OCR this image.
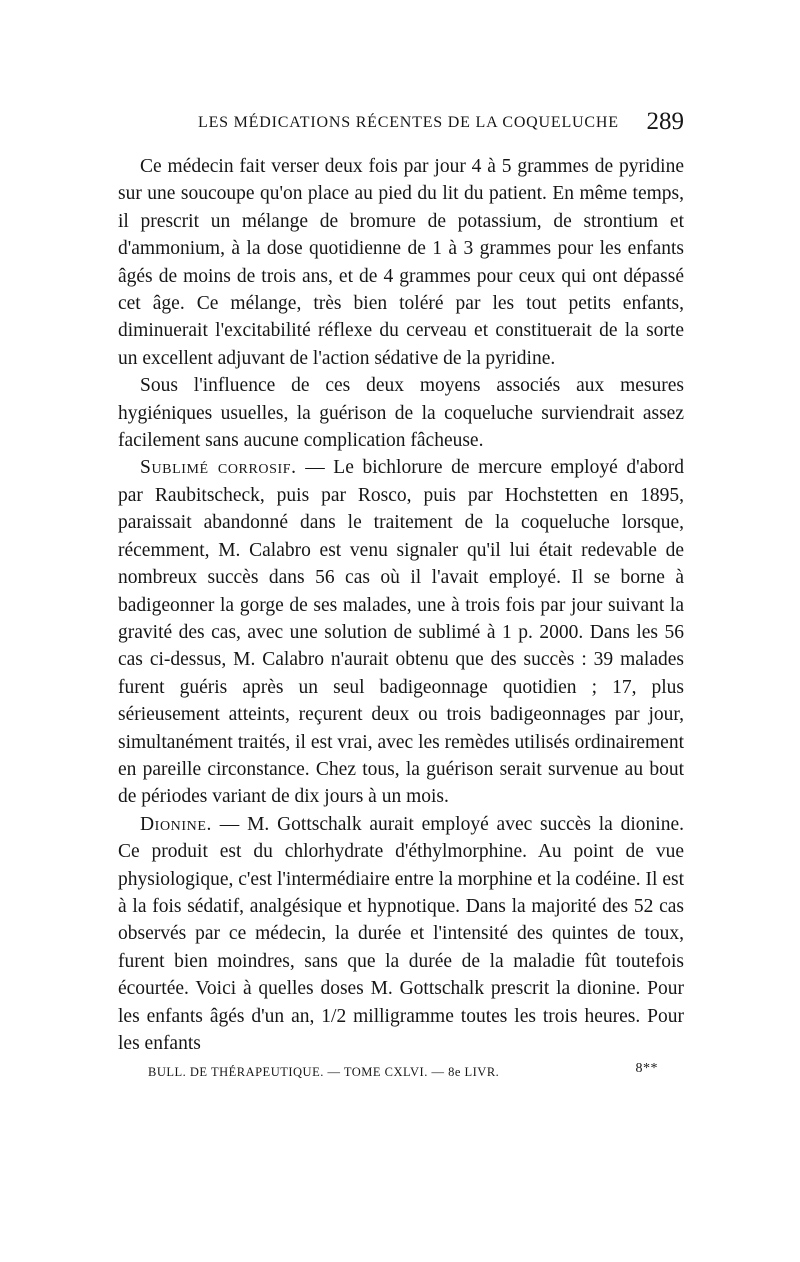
LES MÉDICATIONS RÉCENTES DE LA COQUELUCHE 289

Ce médecin fait verser deux fois par jour 4 à 5 grammes de pyridine sur une soucoupe qu'on place au pied du lit du patient. En même temps, il prescrit un mélange de bromure de potassium, de strontium et d'ammonium, à la dose quotidienne de 1 à 3 grammes pour les enfants âgés de moins de trois ans, et de 4 grammes pour ceux qui ont dépassé cet âge. Ce mélange, très bien toléré par les tout petits enfants, diminuerait l'excitabilité réflexe du cerveau et constituerait de la sorte un excellent adjuvant de l'action sédative de la pyridine.

Sous l'influence de ces deux moyens associés aux mesures hygiéniques usuelles, la guérison de la coqueluche surviendrait assez facilement sans aucune complication fâcheuse.

Sublimé corrosif. — Le bichlorure de mercure employé d'abord par Raubitscheck, puis par Rosco, puis par Hochstetten en 1895, paraissait abandonné dans le traitement de la coqueluche lorsque, récemment, M. Calabro est venu signaler qu'il lui était redevable de nombreux succès dans 56 cas où il l'avait employé. Il se borne à badigeonner la gorge de ses malades, une à trois fois par jour suivant la gravité des cas, avec une solution de sublimé à 1 p. 2000. Dans les 56 cas ci-dessus, M. Calabro n'aurait obtenu que des succès : 39 malades furent guéris après un seul badigeonnage quotidien ; 17, plus sérieusement atteints, reçurent deux ou trois badigeonnages par jour, simultanément traités, il est vrai, avec les remèdes utilisés ordinairement en pareille circonstance. Chez tous, la guérison serait survenue au bout de périodes variant de dix jours à un mois.

Dionine. — M. Gottschalk aurait employé avec succès la dionine. Ce produit est du chlorhydrate d'éthylmorphine. Au point de vue physiologique, c'est l'intermédiaire entre la morphine et la codéine. Il est à la fois sédatif, analgésique et hypnotique. Dans la majorité des 52 cas observés par ce médecin, la durée et l'intensité des quintes de toux, furent bien moindres, sans que la durée de la maladie fût toutefois écourtée. Voici à quelles doses M. Gottschalk prescrit la dionine. Pour les enfants âgés d'un an, 1/2 milligramme toutes les trois heures. Pour les enfants

BULL. DE THÉRAPEUTIQUE. — TOME CXLVI. — 8e LIVR.	8**
